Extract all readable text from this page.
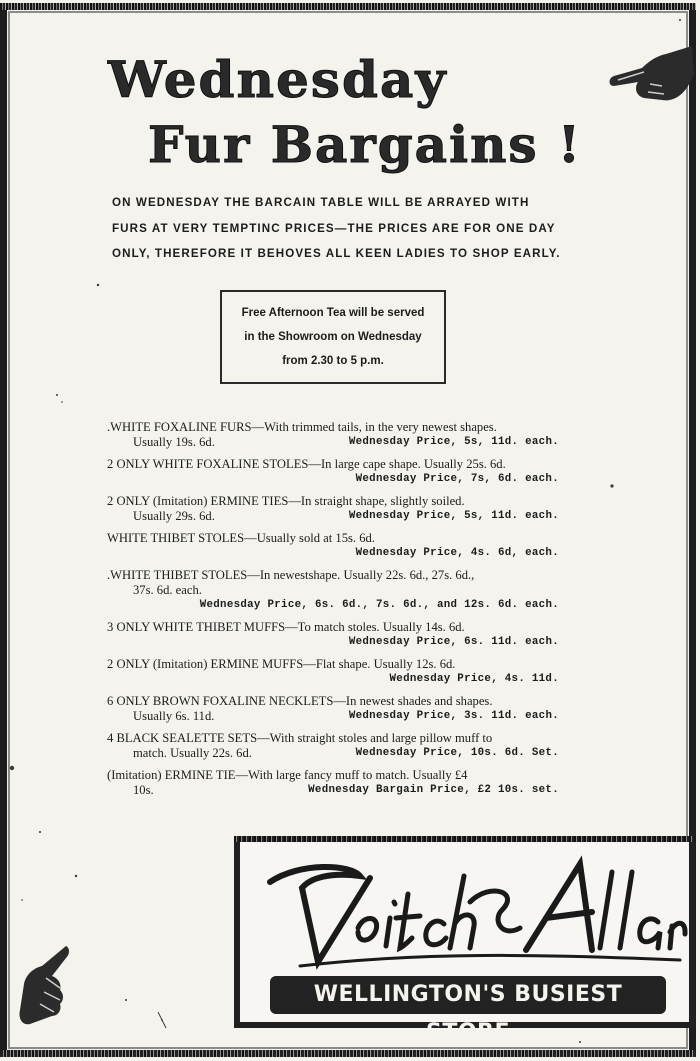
Wednesday
Fur Bargains !

ON WEDNESDAY THE BARCAIN TABLE WILL BE ARRAYED WITH
FURS AT VERY TEMPTINC PRICES—THE PRICES ARE FOR ONE DAY
ONLY, THEREFORE IT BEHOVES ALL KEEN LADIES TO SHOP EARLY.

Free Afternoon Tea will be served
in the Showroom on Wednesday
from 2.30 to 5 p.m.
.WHITE FOXALINE FURS—With trimmed tails, in the very newest shapes.
Usually 19s. 6d.	Wednesday Price, 5s, 11d. each.
2 ONLY WHITE FOXALINE STOLES—In large cape shape. Usually 25s. 6d.
Wednesday Price, 7s, 6d. each.
2 ONLY (Imitation) ERMINE TIES—In straight shape, slightly soiled.
Usually 29s. 6d.	Wednesday Price, 5s, 11d. each.
WHITE THIBET STOLES—Usually sold at 15s. 6d.
Wednesday Price, 4s. 6d, each.
.WHITE THIBET STOLES—In newestshape. Usually 22s. 6d., 27s. 6d.,
37s. 6d. each.
Wednesday Price, 6s. 6d., 7s. 6d., and 12s. 6d. each.
3 ONLY WHITE THIBET MUFFS—To match stoles. Usually 14s. 6d.
Wednesday Price, 6s. 11d. each.
2 ONLY (Imitation) ERMINE MUFFS—Flat shape. Usually 12s. 6d.
Wednesday Price, 4s. 11d.
6 ONLY BROWN FOXALINE NECKLETS—In newest shades and shapes.
Usually 6s. 11d.	Wednesday Price, 3s. 11d. each.
4 BLACK SEALETTE SETS—With straight stoles and large pillow muff to
match. Usually 22s. 6d.	Wednesday Price, 10s. 6d. Set.
(Imitation) ERMINE TIE—With large fancy muff to match. Usually £4
10s.	Wednesday Bargain Price, £2 10s. set.
WELLINGTON'S BUSIEST STORE
